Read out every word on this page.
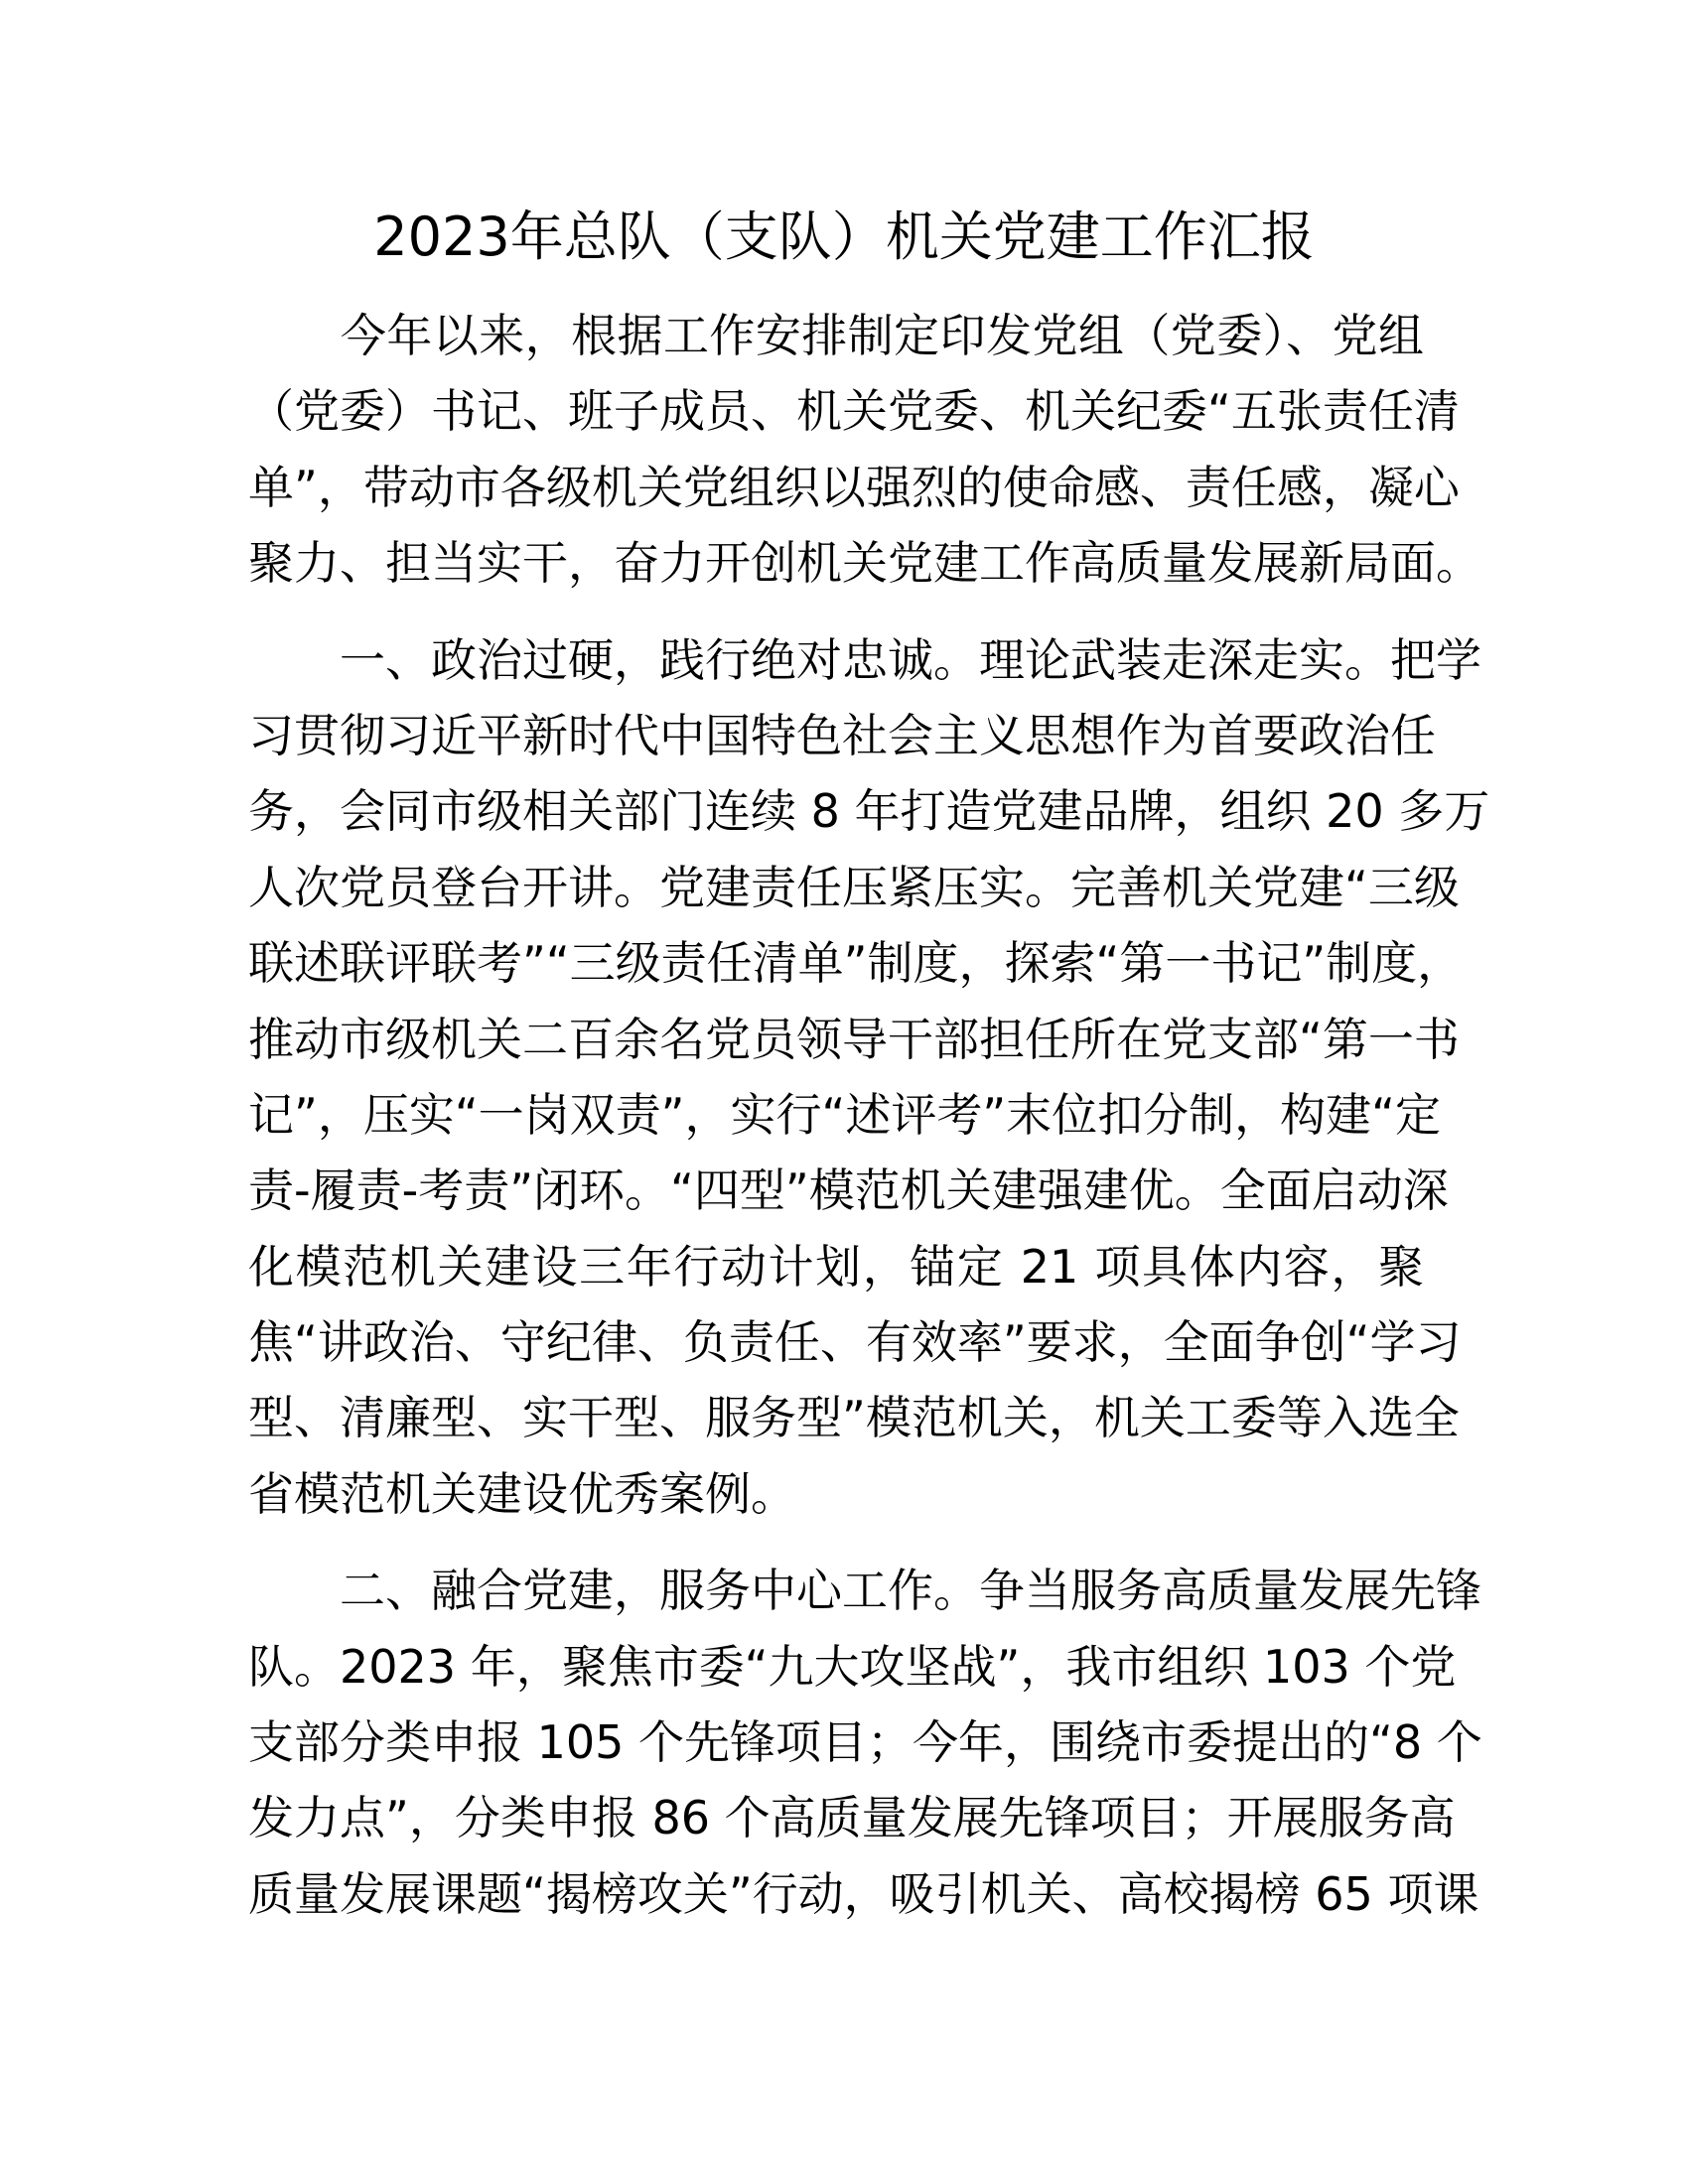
2023年总队（支队）机关党建工作汇报
　　今年以来，根据工作安排制定印发党组（党委）、党组
（党委）书记、班子成员、机关党委、机关纪委“五张责任清
单”，带动市各级机关党组织以强烈的使命感、责任感，凝心
聚力、担当实干，奋力开创机关党建工作高质量发展新局面。
　　一、政治过硬，践行绝对忠诚。理论武装走深走实。把学
习贯彻习近平新时代中国特色社会主义思想作为首要政治任
务，会同市级相关部门连续 8 年打造党建品牌，组织 20 多万
人次党员登台开讲。党建责任压紧压实。完善机关党建“三级
联述联评联考”“三级责任清单”制度，探索“第一书记”制度，
推动市级机关二百余名党员领导干部担任所在党支部“第一书
记”，压实“一岗双责”，实行“述评考”末位扣分制，构建“定
责-履责-考责”闭环。“四型”模范机关建强建优。全面启动深
化模范机关建设三年行动计划，锚定 21 项具体内容，聚
焦“讲政治、守纪律、负责任、有效率”要求，全面争创“学习
型、清廉型、实干型、服务型”模范机关，机关工委等入选全
省模范机关建设优秀案例。
　　二、融合党建，服务中心工作。争当服务高质量发展先锋
队。2023 年，聚焦市委“九大攻坚战”，我市组织 103 个党
支部分类申报 105 个先锋项目；今年，围绕市委提出的“8 个
发力点”，分类申报 86 个高质量发展先锋项目；开展服务高
质量发展课题“揭榜攻关”行动，吸引机关、高校揭榜 65 项课
